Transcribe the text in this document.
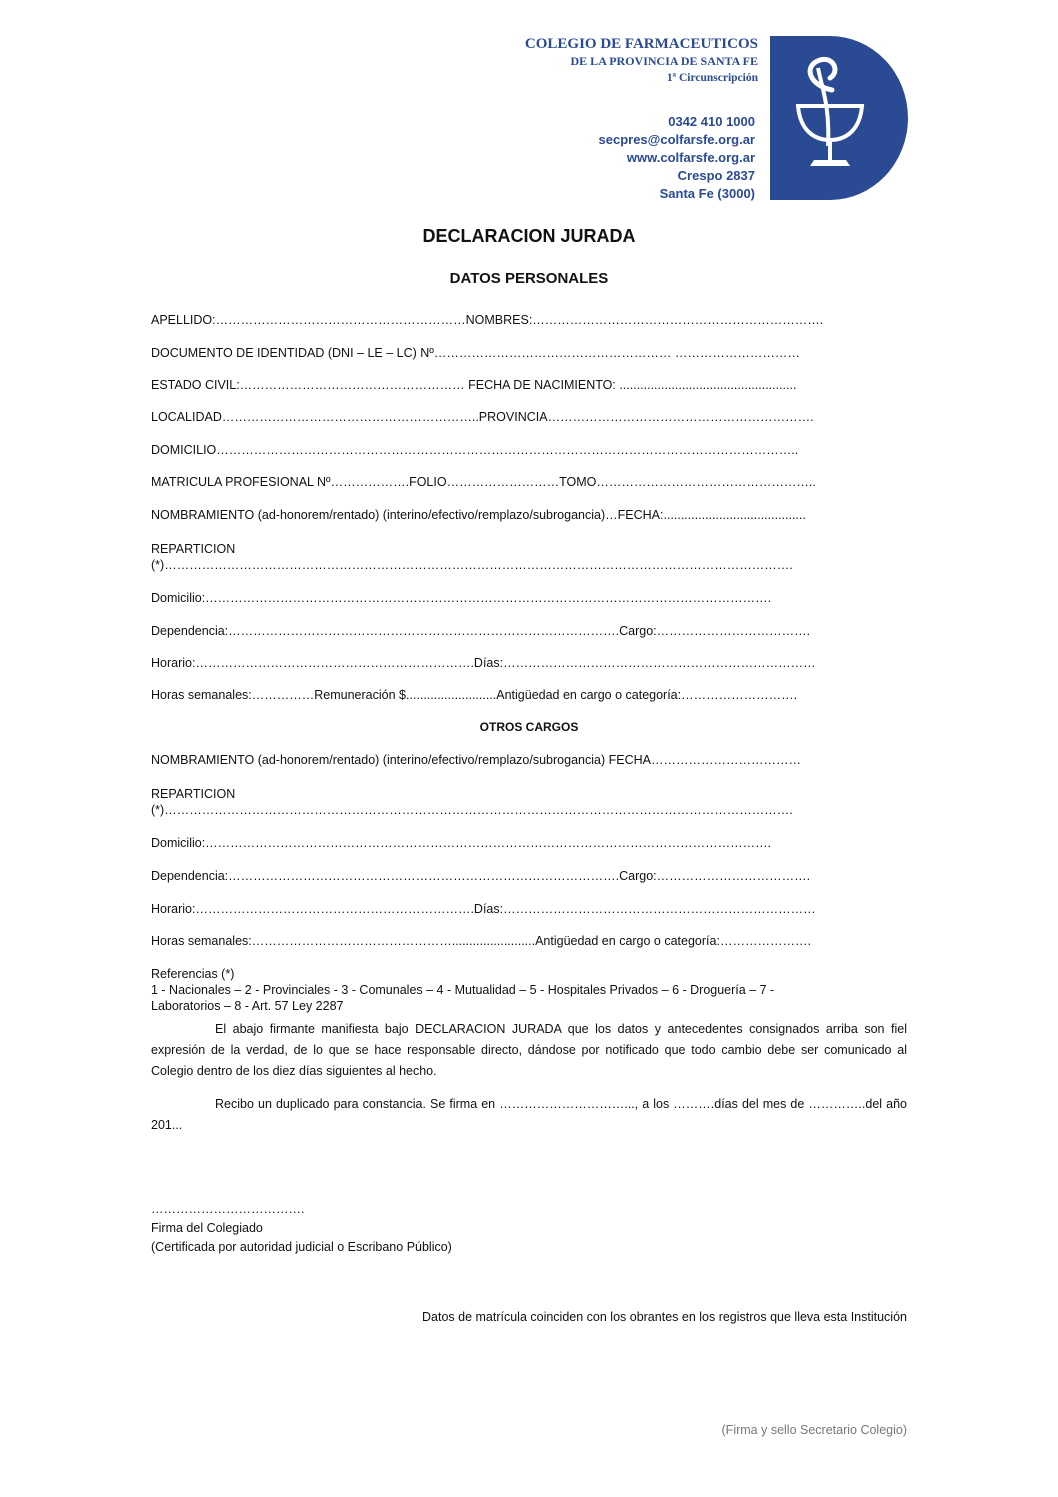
COLEGIO DE FARMACEUTICOS
DE LA PROVINCIA DE SANTA FE
1ª Circunscripción
0342 410 1000
secpres@colfarsfe.org.ar
www.colfarsfe.org.ar
Crespo 2837
Santa Fe (3000)
DECLARACION JURADA
DATOS PERSONALES
APELLIDO:……………………………………………………NOMBRES:…………………………………………………………….
DOCUMENTO DE IDENTIDAD (DNI – LE – LC) Nº………………………………………………… …………………………
ESTADO CIVIL:……………………………………………… FECHA DE NACIMIENTO: ...................................................
LOCALIDAD……………………………………………………..PROVINCIA……………………………………………………….
DOMICILIO…………………………………………………………………………………………………………………………..
MATRICULA PROFESIONAL Nº……………….FOLIO………………………TOMO……………………………………………..
NOMBRAMIENTO (ad-honorem/rentado) (interino/efectivo/remplazo/subrogancia)…FECHA:.........................................
REPARTICION
(*)…………………………………………………………………………………………………………………………………….
Domicilio:……………………………………………………………………………………………………………………….
Dependencia:………………………………………………………………………………….Cargo:……………………………….
Horario:………………………………………………………….Días:…………………………………………………………………
Horas semanales:……………Remuneración $..........................Antigüedad en cargo o categoría:……………………….
OTROS CARGOS
NOMBRAMIENTO (ad-honorem/rentado) (interino/efectivo/remplazo/subrogancia) FECHA………………………………
REPARTICION
(*)…………………………………………………………………………………………………………………………………….
Domicilio:……………………………………………………………………………………………………………………….
Dependencia:………………………………………………………………………………….Cargo:……………………………….
Horario:………………………………………………………….Días:…………………………………………………………………
Horas semanales:…………………………………………........................Antigüedad en cargo o categoría:………………….
Referencias (*)
1 - Nacionales – 2 - Provinciales - 3 - Comunales – 4 - Mutualidad – 5 - Hospitales Privados – 6 - Droguería – 7 -
Laboratorios – 8 - Art. 57 Ley 2287

El abajo firmante manifiesta bajo DECLARACION JURADA que los datos y antecedentes consignados arriba son fiel expresión de la verdad, de lo que se hace responsable directo, dándose por notificado que todo cambio debe ser comunicado al Colegio dentro de los diez días siguientes al hecho.

Recibo un duplicado para constancia. Se firma en …………………………..., a los ……….días del mes de …………..del año 201...

……………………………….
Firma del Colegiado
(Certificada por autoridad judicial o Escribano Público)
Datos de matrícula coinciden con los obrantes en los registros que lleva esta Institución
(Firma y sello Secretario Colegio)
